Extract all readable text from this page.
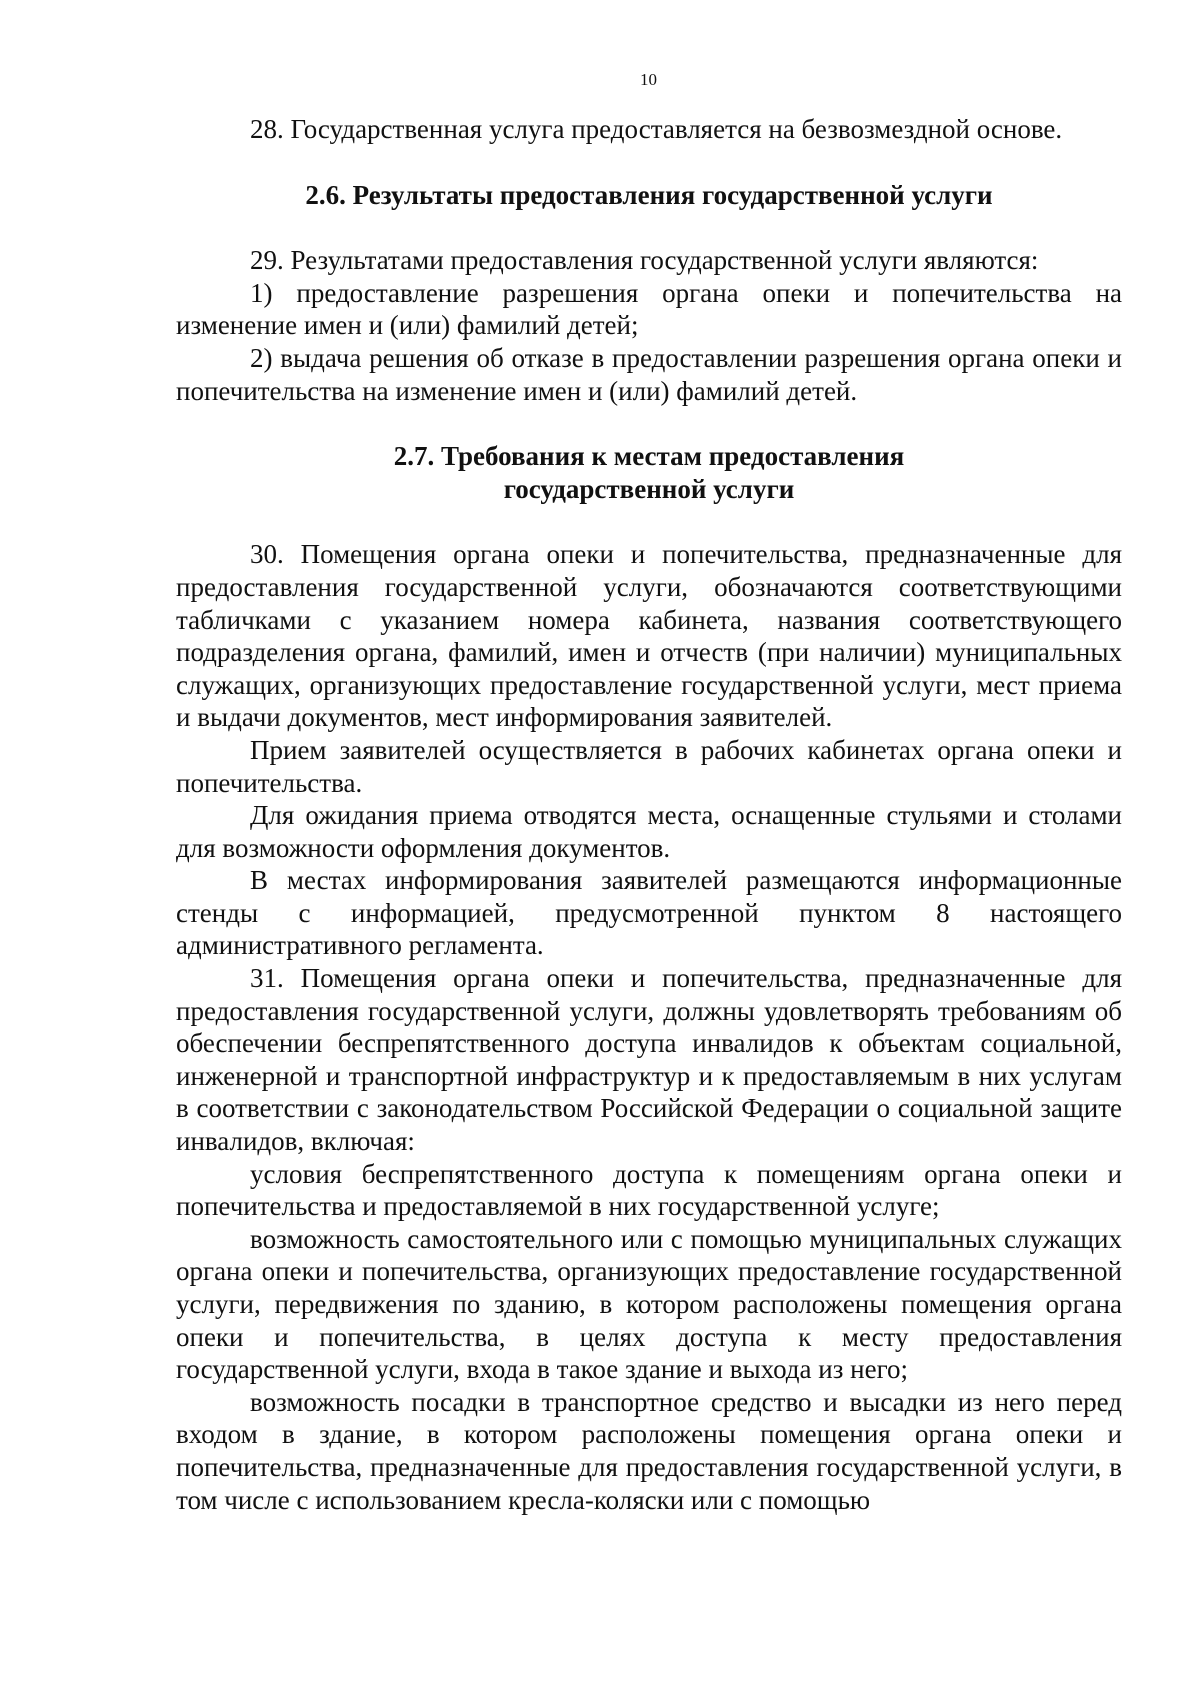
10

28. Государственная услуга предоставляется на безвозмездной основе.

2.6. Результаты предоставления государственной услуги

29. Результатами предоставления государственной услуги являются:

1) предоставление разрешения органа опеки и попечительства на изменение имен и (или) фамилий детей;

2) выдача решения об отказе в предоставлении разрешения органа опеки и попечительства на изменение имен и (или) фамилий детей.

2.7. Требования к местам предоставления
государственной услуги

30. Помещения органа опеки и попечительства, предназначенные для предоставления государственной услуги, обозначаются соответствующими табличками с указанием номера кабинета, названия соответствующего подразделения органа, фамилий, имен и отчеств (при наличии) муниципальных служащих, организующих предоставление государственной услуги, мест приема и выдачи документов, мест информирования заявителей.

Прием заявителей осуществляется в рабочих кабинетах органа опеки и попечительства.

Для ожидания приема отводятся места, оснащенные стульями и столами для возможности оформления документов.

В местах информирования заявителей размещаются информационные стенды с информацией, предусмотренной пунктом 8 настоящего административного регламента.

31. Помещения органа опеки и попечительства, предназначенные для предоставления государственной услуги, должны удовлетворять требованиям об обеспечении беспрепятственного доступа инвалидов к объектам социальной, инженерной и транспортной инфраструктур и к предоставляемым в них услугам в соответствии с законодательством Российской Федерации о социальной защите инвалидов, включая:

условия беспрепятственного доступа к помещениям органа опеки и попечительства и предоставляемой в них государственной услуге;

возможность самостоятельного или с помощью муниципальных служащих органа опеки и попечительства, организующих предоставление государственной услуги, передвижения по зданию, в котором расположены помещения органа опеки и попечительства, в целях доступа к месту предоставления государственной услуги, входа в такое здание и выхода из него;

возможность посадки в транспортное средство и высадки из него перед входом в здание, в котором расположены помещения органа опеки и попечительства, предназначенные для предоставления государственной услуги, в том числе с использованием кресла-коляски или с помощью
